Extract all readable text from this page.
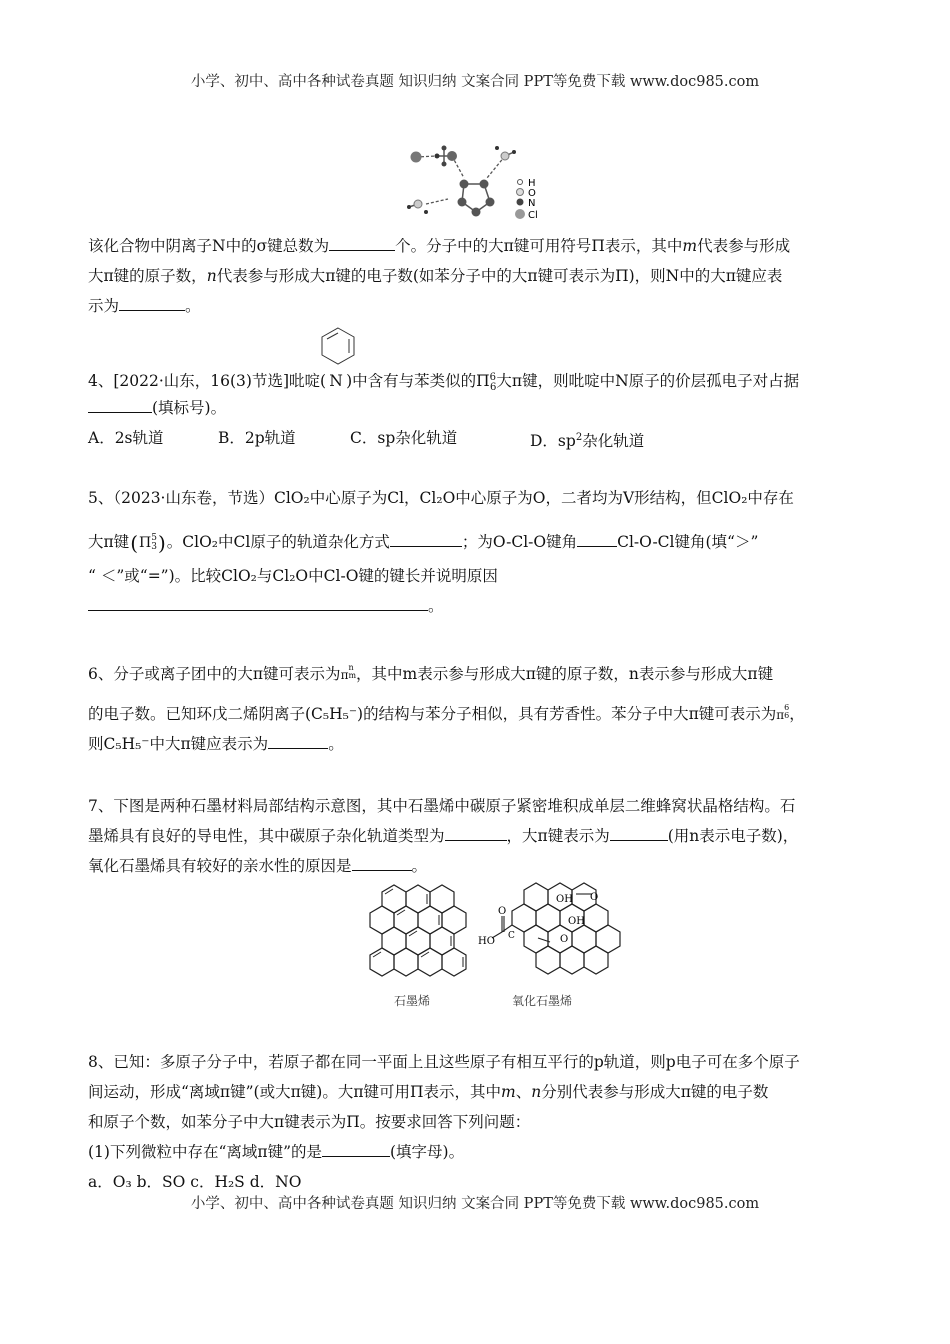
小学、初中、高中各种试卷真题 知识归纳 文案合同 PPT等免费下载 www.doc985.com
H
O
N
Cl
该化合物中阴离子N中的σ键总数为	个。分子中的大π键可用符号Π表示，其中m代表参与形成
大π键的原子数，n代表参与形成大π键的电子数(如苯分子中的大π键可表示为Π)，则N中的大π键应表
示为	。
4、[2022·山东，16(3)节选]吡啶( N )中含有与苯类似的$\Pi^6_6$大π键，则吡啶中N原子的价层孤电子对占据
(填标号)。
A．2s轨道	B．2p轨道	C．sp杂化轨道	D．$sp^2$杂化轨道
5、（2023·山东卷，节选）ClO₂中心原子为Cl，Cl₂O中心原子为O，二者均为V形结构，但ClO₂中存在
大π键(Π 5
3 )。ClO₂中Cl原子的轨道杂化方式	；为O-Cl-O键角	Cl-O-Cl键角(填“＞”
“ ＜”或“=”)。比较ClO₂与Cl₂O中Cl-O键的键长并说明原因
。
6、分子或离子团中的大π键可表示为π
n
m ，其中m表示参与形成大π键的原子数，n表示参与形成大π键
的电子数。已知环戊二烯阴离子(C₅H₅⁻)的结构与苯分子相似，具有芳香性。苯分子中大π键可表示为π
6
6 ，
则C₅H₅⁻中大π键应表示为	。
7、下图是两种石墨材料局部结构示意图，其中石墨烯中碳原子紧密堆积成单层二维蜂窝状晶格结构。石
墨烯具有良好的导电性，其中碳原子杂化轨道类型为	，大π键表示为	(用n表示电子数)，
氧化石墨烯具有较好的亲水性的原因是	。
石墨烯
O
HO C
OH
OH
O
O
氧化石墨烯
8、已知：多原子分子中，若原子都在同一平面上且这些原子有相互平行的p轨道，则p电子可在多个原子
间运动，形成“离域π键”(或大π键)。大π键可用Π表示，其中m、n分别代表参与形成大π键的电子数
和原子个数，如苯分子中大π键表示为Π。按要求回答下列问题：
(1)下列微粒中存在“离域π键”的是	(填字母)。
a．O₃ b．SO c．H₂S d．NO
小学、初中、高中各种试卷真题 知识归纳 文案合同 PPT等免费下载 www.doc985.com
